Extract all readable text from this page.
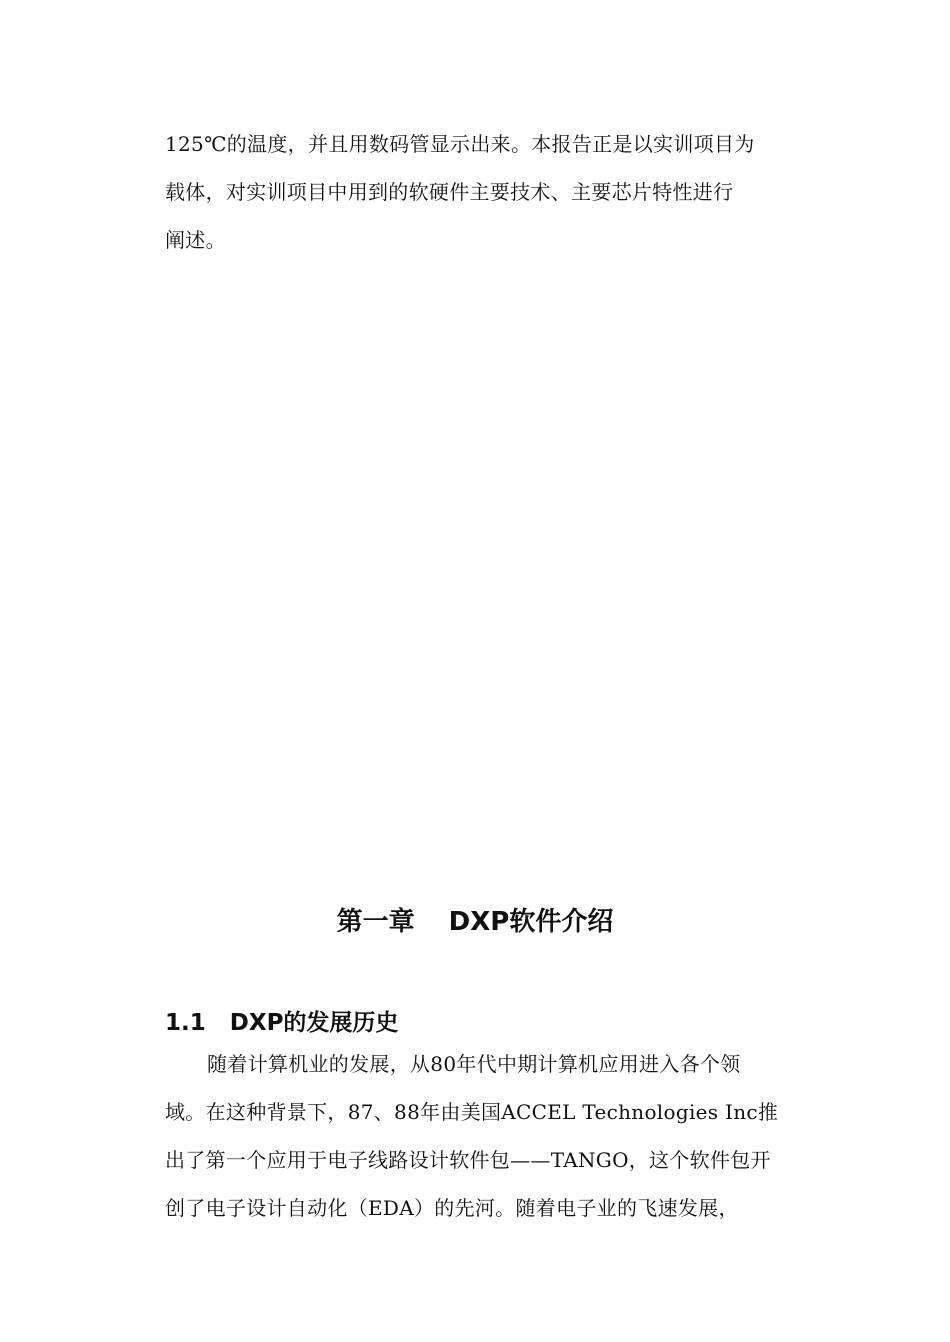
125℃的温度，并且用数码管显示出来。本报告正是以实训项目为
载体，对实训项目中用到的软硬件主要技术、主要芯片特性进行
阐述。
第一章 DXP软件介绍
1.1 DXP的发展历史
随着计算机业的发展，从80年代中期计算机应用进入各个领
域。在这种背景下，87、88年由美国ACCEL Technologies Inc推
出了第一个应用于电子线路设计软件包——TANGO，这个软件包开
创了电子设计自动化（EDA）的先河。随着电子业的飞速发展，
